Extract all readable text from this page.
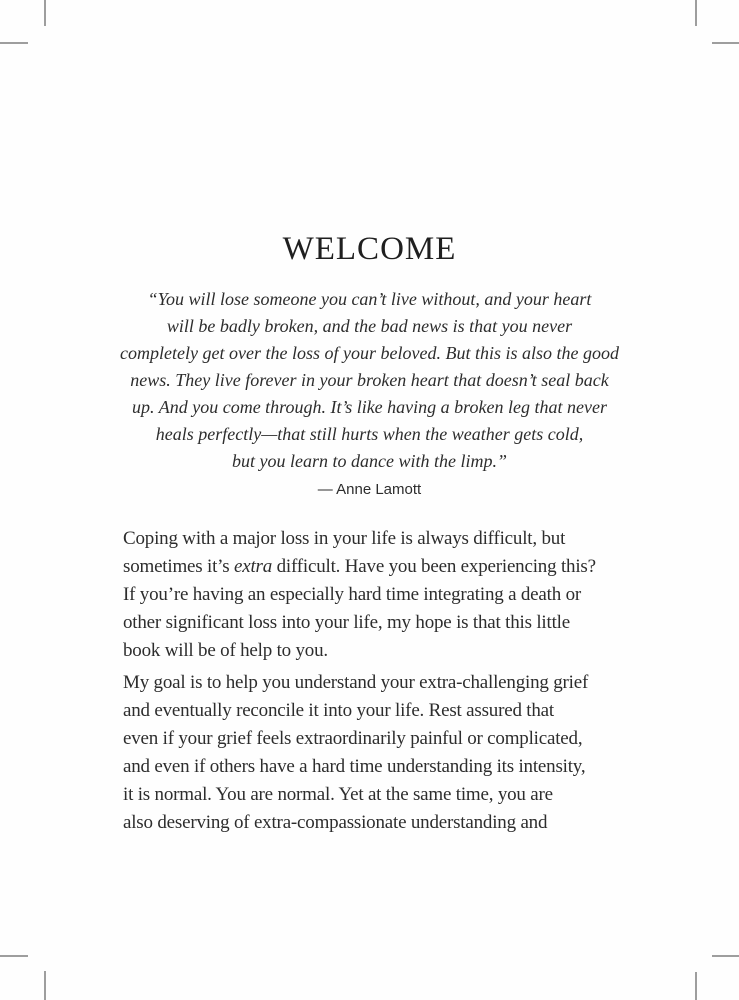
WELCOME
“You will lose someone you can’t live without, and your heart
will be badly broken, and the bad news is that you never
completely get over the loss of your beloved. But this is also the good
news. They live forever in your broken heart that doesn’t seal back
up. And you come through. It’s like having a broken leg that never
heals perfectly—that still hurts when the weather gets cold,
but you learn to dance with the limp.”

— Anne Lamott

Coping with a major loss in your life is always difficult, but
sometimes it’s extra difficult. Have you been experiencing this?
If you’re having an especially hard time integrating a death or
other significant loss into your life, my hope is that this little
book will be of help to you.

My goal is to help you understand your extra-challenging grief
and eventually reconcile it into your life. Rest assured that
even if your grief feels extraordinarily painful or complicated,
and even if others have a hard time understanding its intensity,
it is normal. You are normal. Yet at the same time, you are
also deserving of extra-compassionate understanding and
